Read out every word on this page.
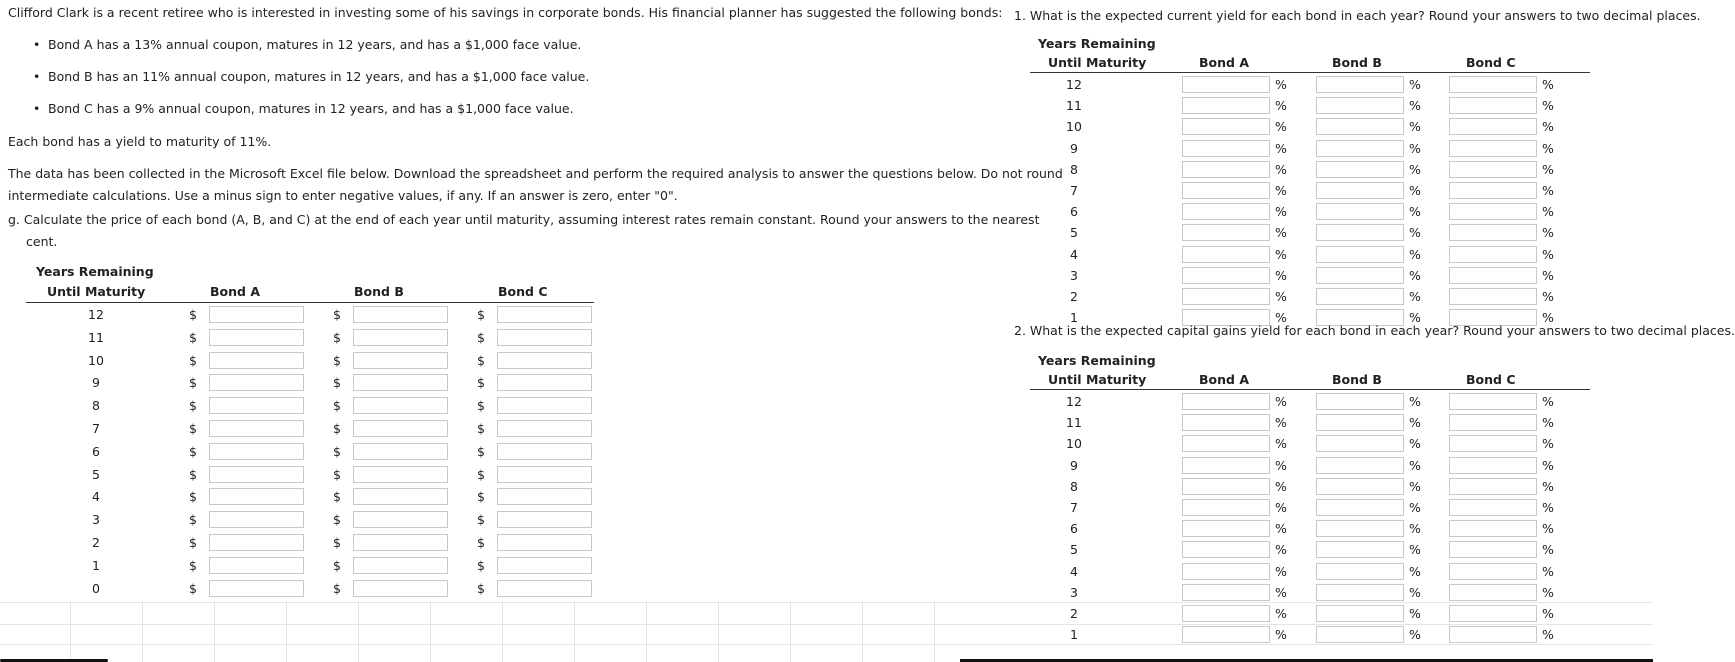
Clifford Clark is a recent retiree who is interested in investing some of his savings in corporate bonds. His financial planner has suggested the following bonds:

• Bond A has a 13% annual coupon, matures in 12 years, and has a $1,000 face value.

• Bond B has an 11% annual coupon, matures in 12 years, and has a $1,000 face value.

• Bond C has a 9% annual coupon, matures in 12 years, and has a $1,000 face value.

Each bond has a yield to maturity of 11%.

The data has been collected in the Microsoft Excel file below. Download the spreadsheet and perform the required analysis to answer the questions below. Do not round

intermediate calculations. Use a minus sign to enter negative values, if any. If an answer is zero, enter "0".

g. Calculate the price of each bond (A, B, and C) at the end of each year until maturity, assuming interest rates remain constant. Round your answers to the nearest

cent.

Years Remaining
Until Maturity	Bond A	Bond B	Bond C
12	$	$	$
11	$	$	$
10	$	$	$
9	$	$	$
8	$	$	$
7	$	$	$
6	$	$	$
5	$	$	$
4	$	$	$
3	$	$	$
2	$	$	$
1	$	$	$
0	$	$	$

1. What is the expected current yield for each bond in each year? Round your answers to two decimal places.

Years Remaining
Until Maturity	Bond A	Bond B	Bond C
12	%	%	%
11	%	%	%
10	%	%	%
9	%	%	%
8	%	%	%
7	%	%	%
6	%	%	%
5	%	%	%
4	%	%	%
3	%	%	%
2	%	%	%
1	%	%	%

2. What is the expected capital gains yield for each bond in each year? Round your answers to two decimal places.

Years Remaining
Until Maturity	Bond A	Bond B	Bond C
12	%	%	%
11	%	%	%
10	%	%	%
9	%	%	%
8	%	%	%
7	%	%	%
6	%	%	%
5	%	%	%
4	%	%	%
3	%	%	%
2	%	%	%
1	%	%	%
